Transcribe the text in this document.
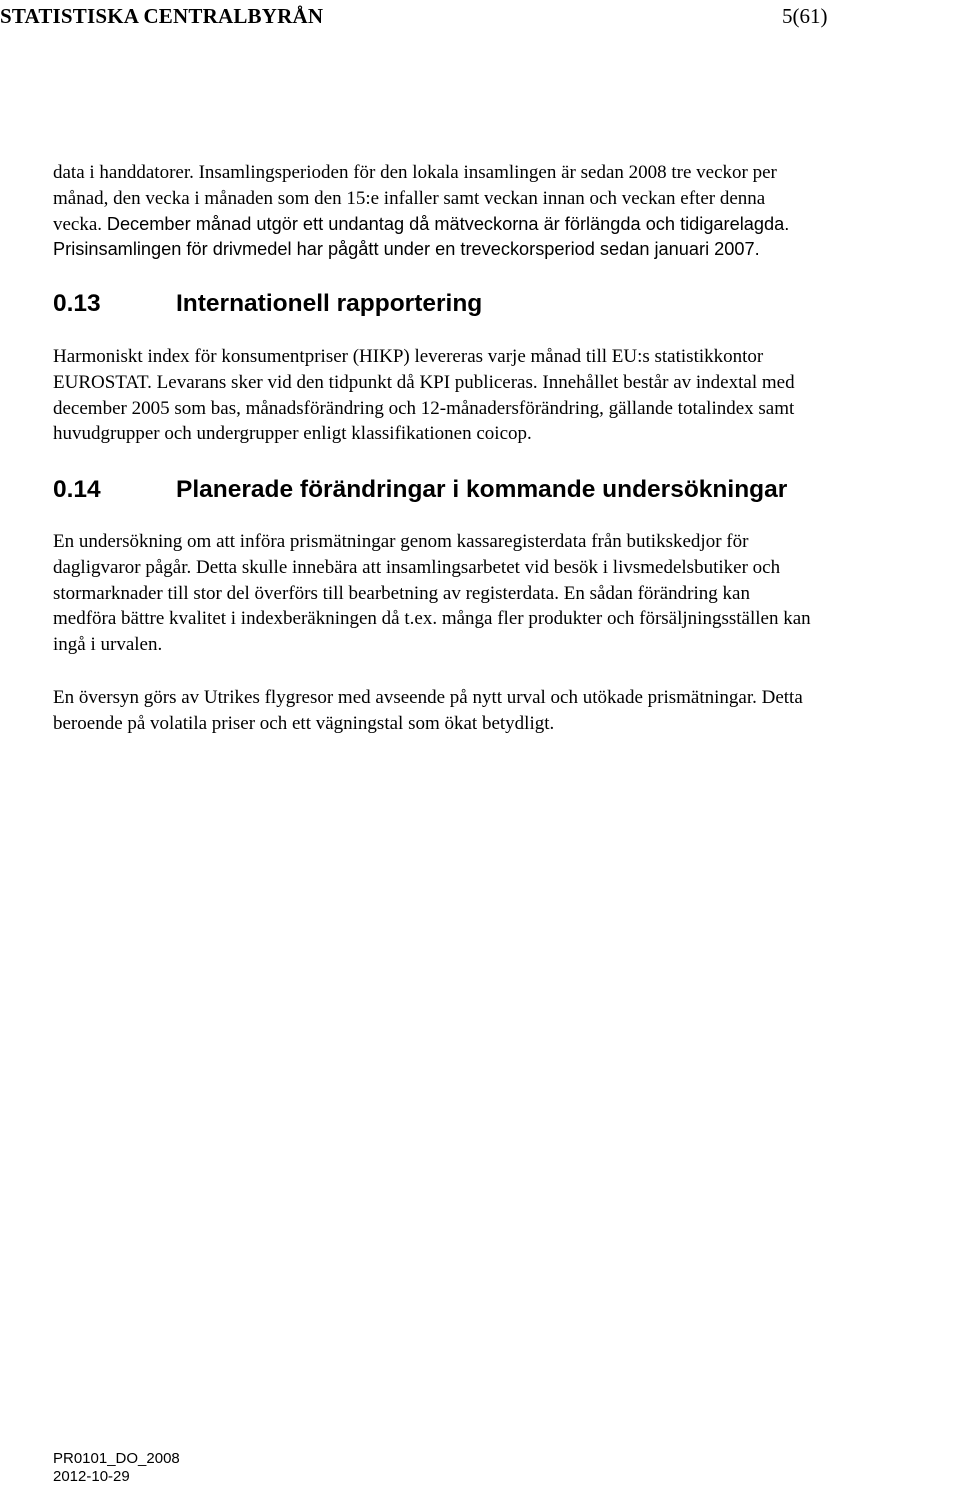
STATISTISKA CENTRALBYRÅN	5(61)

data i handdatorer. Insamlingsperioden för den lokala insamlingen är sedan 2008 tre veckor per
månad, den vecka i månaden som den 15:e infaller samt veckan innan och veckan efter denna
vecka. December månad utgör ett undantag då mätveckorna är förlängda och tidigarelagda.
Prisinsamlingen för drivmedel har pågått under en treveckorsperiod sedan januari 2007.

0.13	Internationell rapportering

Harmoniskt index för konsumentpriser (HIKP) levereras varje månad till EU:s statistikkontor
EUROSTAT. Levarans sker vid den tidpunkt då KPI publiceras. Innehållet består av indextal med
december 2005 som bas, månadsförändring och 12-månadersförändring, gällande totalindex samt
huvudgrupper och undergrupper enligt klassifikationen coicop.

0.14	Planerade förändringar i kommande undersökningar

En undersökning om att införa prismätningar genom kassaregisterdata från butikskedjor för
dagligvaror pågår. Detta skulle innebära att insamlingsarbetet vid besök i livsmedelsbutiker och
stormarknader till stor del överförs till bearbetning av registerdata. En sådan förändring kan
medföra bättre kvalitet i indexberäkningen då t.ex. många fler produkter och försäljningsställen kan
ingå i urvalen.

En översyn görs av Utrikes flygresor med avseende på nytt urval och utökade prismätningar. Detta
beroende på volatila priser och ett vägningstal som ökat betydligt.

PR0101_DO_2008
2012-10-29
